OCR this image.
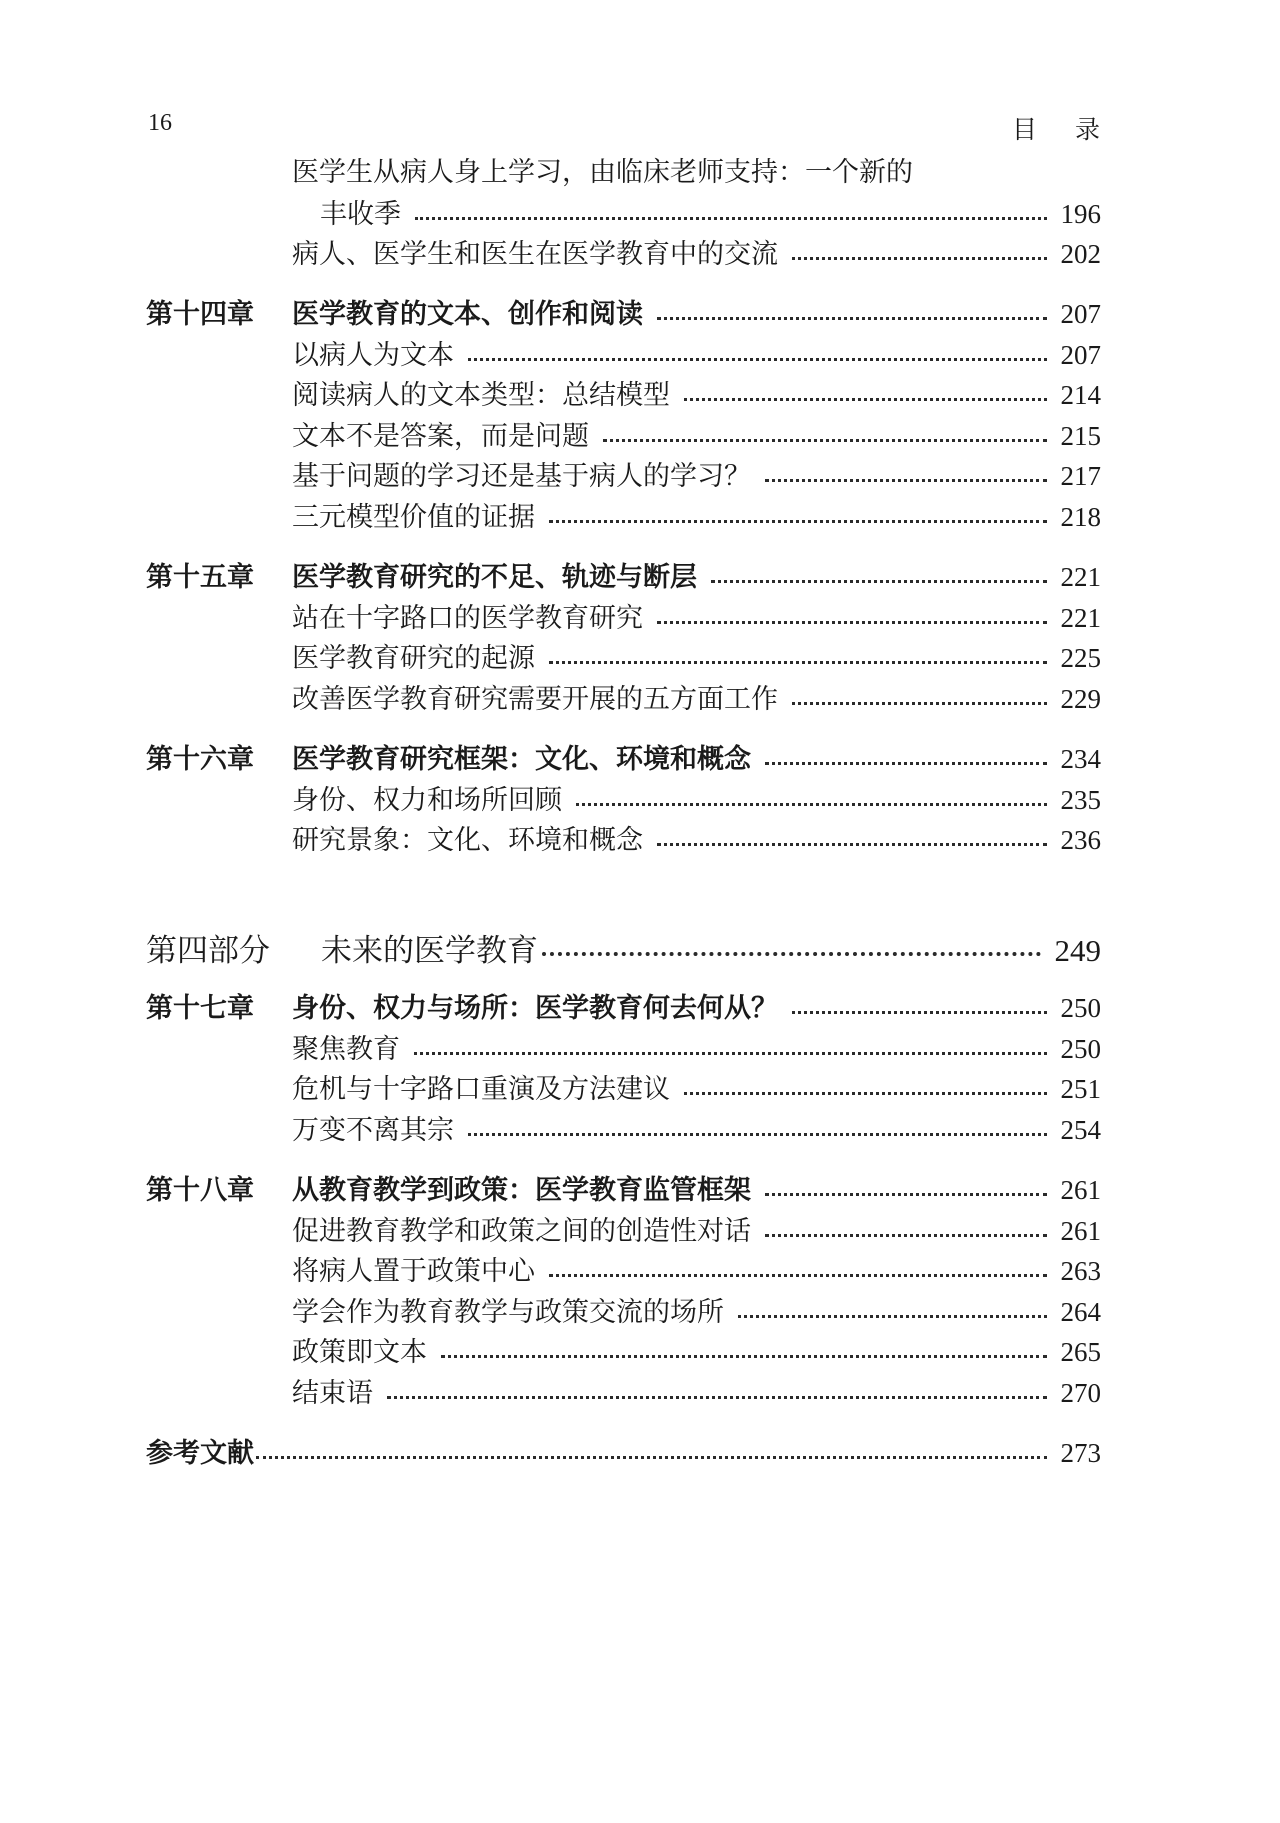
16	目录
医学生从病人身上学习，由临床老师支持：一个新的
丰收季	196
病人、医学生和医生在医学教育中的交流	202
第十四章	医学教育的文本、创作和阅读	207
以病人为文本	207
阅读病人的文本类型：总结模型	214
文本不是答案，而是问题	215
基于问题的学习还是基于病人的学习？	217
三元模型价值的证据	218
第十五章	医学教育研究的不足、轨迹与断层	221
站在十字路口的医学教育研究	221
医学教育研究的起源	225
改善医学教育研究需要开展的五方面工作	229
第十六章	医学教育研究框架：文化、环境和概念	234
身份、权力和场所回顾	235
研究景象：文化、环境和概念	236
第四部分	未来的医学教育	249
第十七章	身份、权力与场所：医学教育何去何从？	250
聚焦教育	250
危机与十字路口重演及方法建议	251
万变不离其宗	254
第十八章	从教育教学到政策：医学教育监管框架	261
促进教育教学和政策之间的创造性对话	261
将病人置于政策中心	263
学会作为教育教学与政策交流的场所	264
政策即文本	265
结束语	270
参考文献	273
